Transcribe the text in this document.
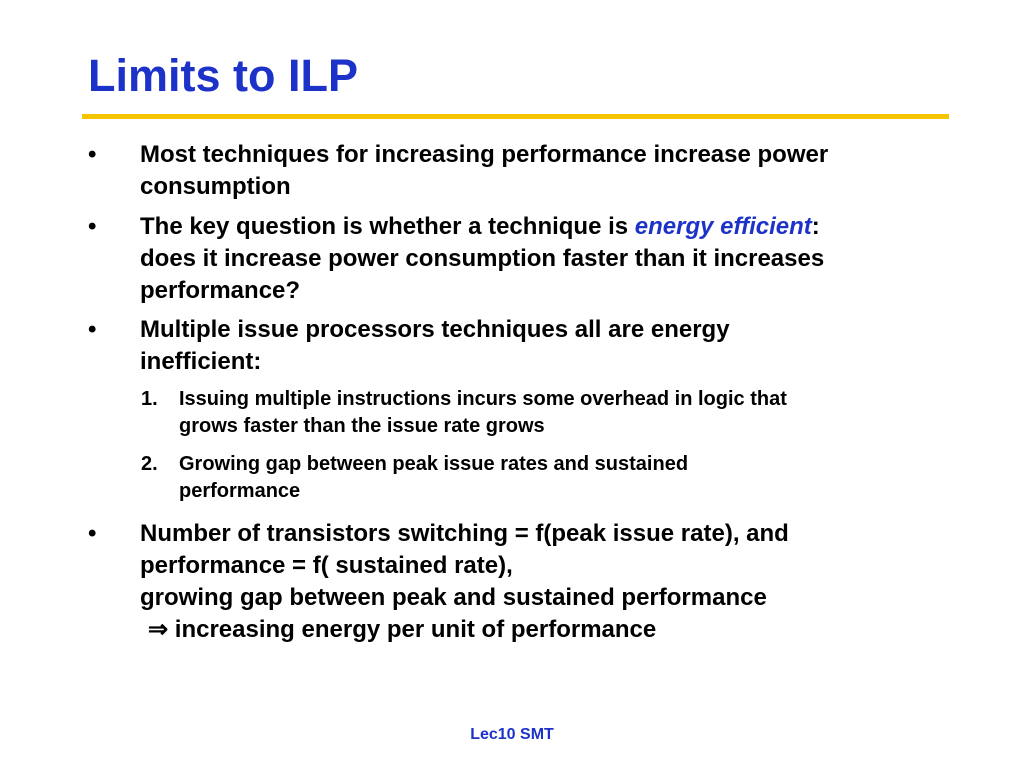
Limits to ILP
• Most techniques for increasing performance increase power
consumption
• The key question is whether a technique is energy efficient:
does it increase power consumption faster than it increases
performance?
• Multiple issue processors techniques all are energy
inefficient:
1. Issuing multiple instructions incurs some overhead in logic that
grows faster than the issue rate grows
2. Growing gap between peak issue rates and sustained
performance
• Number of transistors switching = f(peak issue rate), and
performance = f( sustained rate),
growing gap between peak and sustained performance
⇒ increasing energy per unit of performance
Lec10 SMT
